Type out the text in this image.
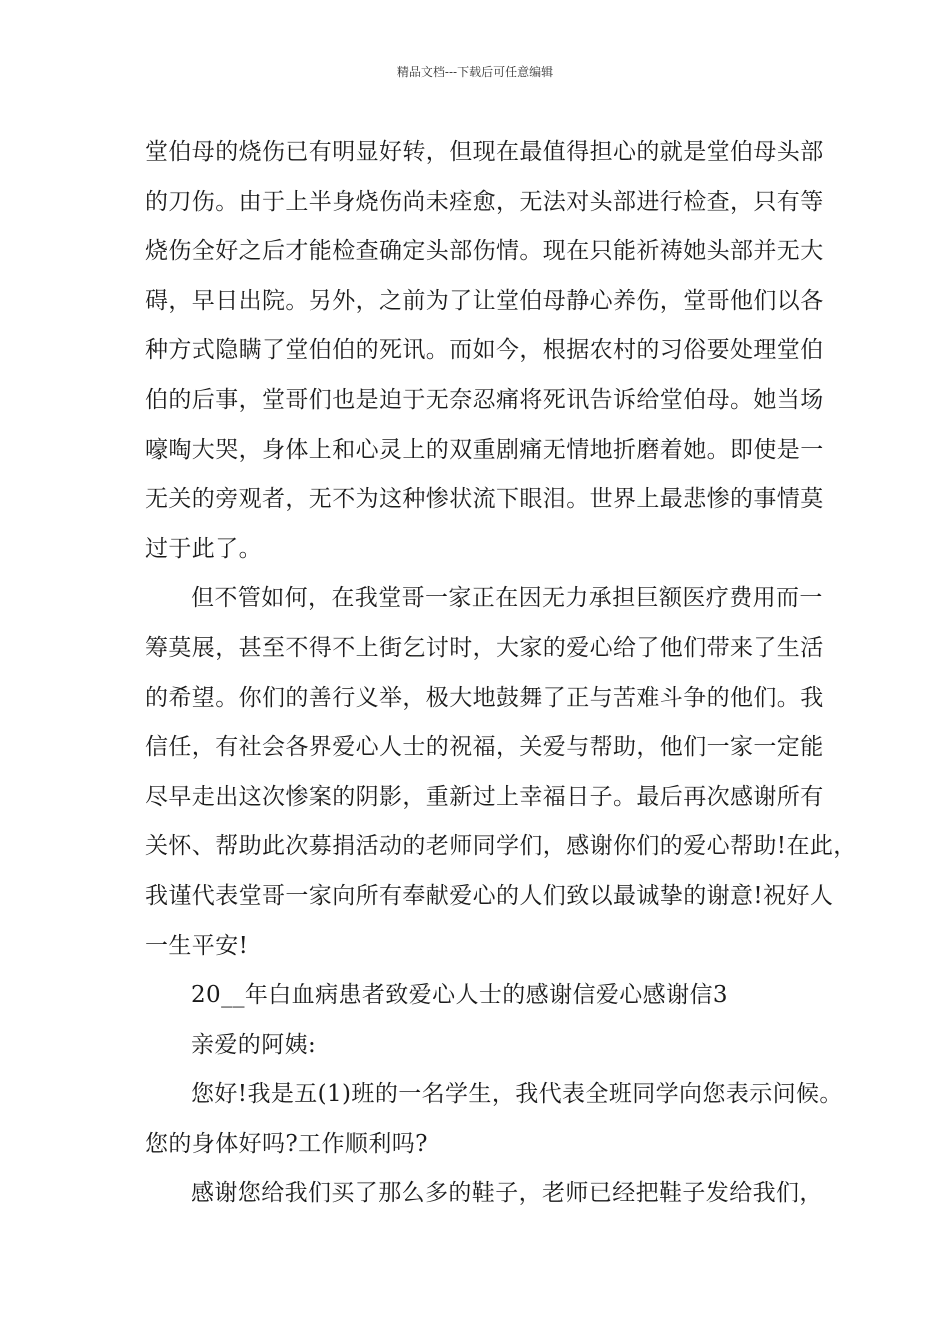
精品文档---下载后可任意编辑
堂伯母的烧伤已有明显好转，但现在最值得担心的就是堂伯母头部
的刀伤。由于上半身烧伤尚未痊愈，无法对头部进行检查，只有等
烧伤全好之后才能检查确定头部伤情。现在只能祈祷她头部并无大
碍，早日出院。另外，之前为了让堂伯母静心养伤，堂哥他们以各
种方式隐瞒了堂伯伯的死讯。而如今，根据农村的习俗要处理堂伯
伯的后事，堂哥们也是迫于无奈忍痛将死讯告诉给堂伯母。她当场
嚎啕大哭，身体上和心灵上的双重剧痛无情地折磨着她。即使是一
无关的旁观者，无不为这种惨状流下眼泪。世界上最悲惨的事情莫
过于此了。
但不管如何，在我堂哥一家正在因无力承担巨额医疗费用而一
筹莫展，甚至不得不上街乞讨时，大家的爱心给了他们带来了生活
的希望。你们的善行义举，极大地鼓舞了正与苦难斗争的他们。我
信任，有社会各界爱心人士的祝福，关爱与帮助，他们一家一定能
尽早走出这次惨案的阴影，重新过上幸福日子。最后再次感谢所有
关怀、帮助此次募捐活动的老师同学们，感谢你们的爱心帮助!在此，
我谨代表堂哥一家向所有奉献爱心的人们致以最诚挚的谢意!祝好人
一生平安!
20__年白血病患者致爱心人士的感谢信爱心感谢信3
亲爱的阿姨:
您好!我是五(1)班的一名学生，我代表全班同学向您表示问候。
您的身体好吗?工作顺利吗?
感谢您给我们买了那么多的鞋子，老师已经把鞋子发给我们，
